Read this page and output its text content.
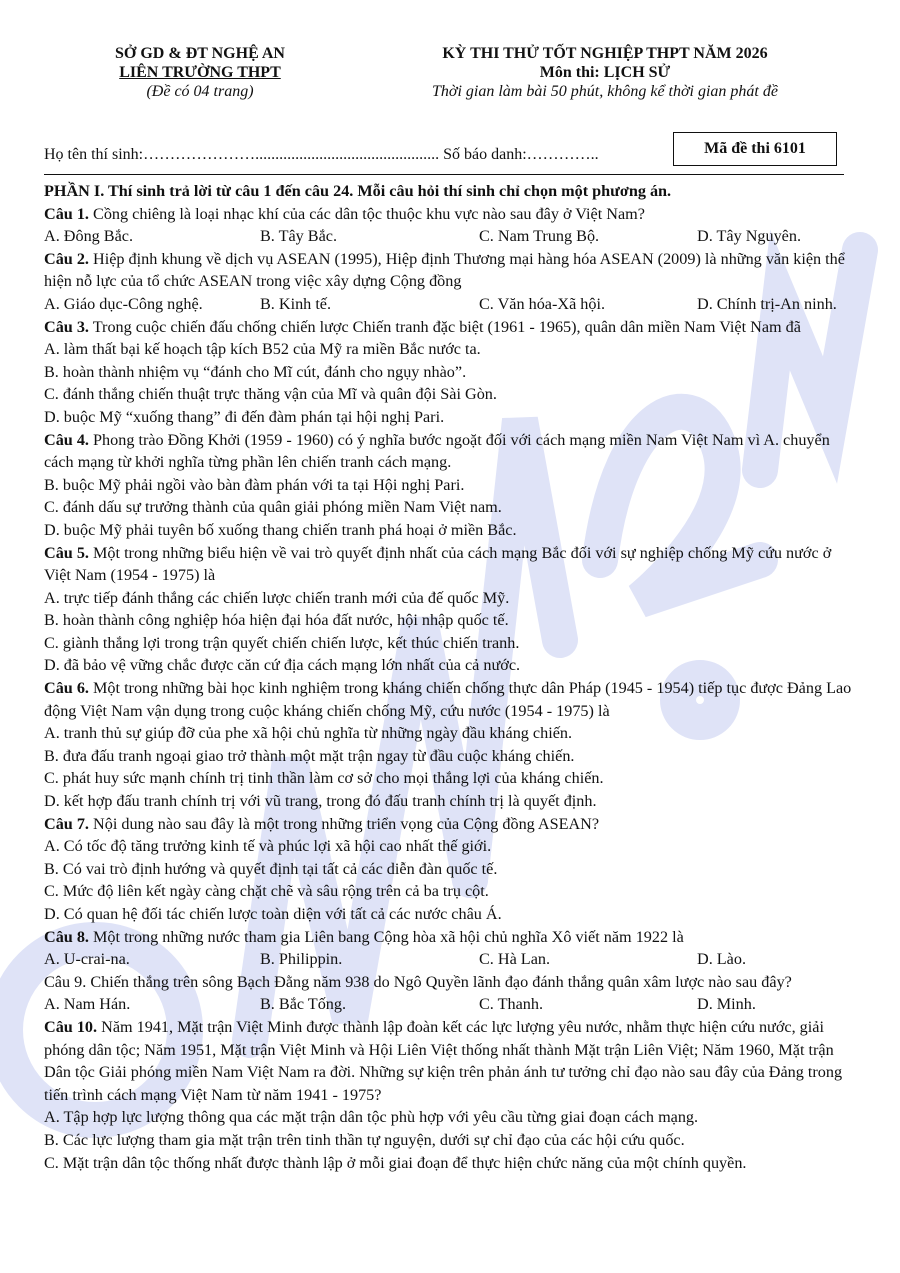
SỞ GD & ĐT NGHỆ AN
LIÊN TRƯỜNG THPT
(Đề có 04 trang)
KỲ THI THỬ TỐT NGHIỆP THPT NĂM 2026
Môn thi: LỊCH SỬ
Thời gian làm bài 50 phút, không kể thời gian phát đề
Họ tên thí sinh:………………….............................................. Số báo danh:…………..	Mã đề thi 6101

PHẦN I. Thí sinh trả lời từ câu 1 đến câu 24. Mỗi câu hỏi thí sinh chỉ chọn một phương án.

Câu 1. Cồng chiêng là loại nhạc khí của các dân tộc thuộc khu vực nào sau đây ở Việt Nam?

A. Đông Bắc.	B. Tây Bắc.	C. Nam Trung Bộ.	D. Tây Nguyên.

Câu 2. Hiệp định khung về dịch vụ ASEAN (1995), Hiệp định Thương mại hàng hóa ASEAN (2009) là những văn kiện thể hiện nỗ lực của tổ chức ASEAN trong việc xây dựng Cộng đồng

A. Giáo dục-Công nghệ.	B. Kinh tế.	C. Văn hóa-Xã hội.	D. Chính trị-An ninh.

Câu 3. Trong cuộc chiến đấu chống chiến lược Chiến tranh đặc biệt (1961 - 1965), quân dân miền Nam Việt Nam đã

A. làm thất bại kế hoạch tập kích B52 của Mỹ ra miền Bắc nước ta.

B. hoàn thành nhiệm vụ “đánh cho Mĩ cút, đánh cho ngụy nhào”.

C. đánh thắng chiến thuật trực thăng vận của Mĩ và quân đội Sài Gòn.

D. buộc Mỹ “xuống thang” đi đến đàm phán tại hội nghị Pari.

Câu 4. Phong trào Đồng Khởi (1959 - 1960) có ý nghĩa bước ngoặt đối với cách mạng miền Nam Việt Nam vì A. chuyển cách mạng từ khởi nghĩa từng phần lên chiến tranh cách mạng.

B. buộc Mỹ phải ngồi vào bàn đàm phán với ta tại Hội nghị Pari.

C. đánh dấu sự trưởng thành của quân giải phóng miền Nam Việt nam.

D. buộc Mỹ phải tuyên bố xuống thang chiến tranh phá hoại ở miền Bắc.

Câu 5. Một trong những biểu hiện về vai trò quyết định nhất của cách mạng Bắc đối với sự nghiệp chống Mỹ cứu nước ở Việt Nam (1954 - 1975) là

A. trực tiếp đánh thắng các chiến lược chiến tranh mới của đế quốc Mỹ.

B. hoàn thành công nghiệp hóa hiện đại hóa đất nước, hội nhập quốc tế.

C. giành thắng lợi trong trận quyết chiến chiến lược, kết thúc chiến tranh.

D. đã bảo vệ vững chắc được căn cứ địa cách mạng lớn nhất của cả nước.

Câu 6. Một trong những bài học kinh nghiệm trong kháng chiến chống thực dân Pháp (1945 - 1954) tiếp tục được Đảng Lao động Việt Nam vận dụng trong cuộc kháng chiến chống Mỹ, cứu nước (1954 - 1975) là

A. tranh thủ sự giúp đỡ của phe xã hội chủ nghĩa từ những ngày đầu kháng chiến.

B. đưa đấu tranh ngoại giao trở thành một mặt trận ngay từ đầu cuộc kháng chiến.

C. phát huy sức mạnh chính trị tinh thần làm cơ sở cho mọi thắng lợi của kháng chiến.

D. kết hợp đấu tranh chính trị với vũ trang, trong đó đấu tranh chính trị là quyết định.

Câu 7. Nội dung nào sau đây là một trong những triển vọng của Cộng đồng ASEAN?

A. Có tốc độ tăng trưởng kinh tế và phúc lợi xã hội cao nhất thế giới.

B. Có vai trò định hướng và quyết định tại tất cả các diễn đàn quốc tế.

C. Mức độ liên kết ngày càng chặt chẽ và sâu rộng trên cả ba trụ cột.

D. Có quan hệ đối tác chiến lược toàn diện với tất cả các nước châu Á.

Câu 8. Một trong những nước tham gia Liên bang Cộng hòa xã hội chủ nghĩa Xô viết năm 1922 là

A. U-crai-na.	B. Philippin.	C. Hà Lan.	D. Lào.

Câu 9. Chiến thắng trên sông Bạch Đằng năm 938 do Ngô Quyền lãnh đạo đánh thắng quân xâm lược nào sau đây?

A. Nam Hán.	B. Bắc Tống.	C. Thanh.	D. Minh.

Câu 10. Năm 1941, Mặt trận Việt Minh được thành lập đoàn kết các lực lượng yêu nước, nhằm thực hiện cứu nước, giải phóng dân tộc; Năm 1951, Mặt trận Việt Minh và Hội Liên Việt thống nhất thành Mặt trận Liên Việt; Năm 1960, Mặt trận Dân tộc Giải phóng miền Nam Việt Nam ra đời. Những sự kiện trên phản ánh tư tưởng chỉ đạo nào sau đây của Đảng trong tiến trình cách mạng Việt Nam từ năm 1941 - 1975?

A. Tập hợp lực lượng thông qua các mặt trận dân tộc phù hợp với yêu cầu từng giai đoạn cách mạng.

B. Các lực lượng tham gia mặt trận trên tinh thần tự nguyện, dưới sự chỉ đạo của các hội cứu quốc.

C. Mặt trận dân tộc thống nhất được thành lập ở mỗi giai đoạn để thực hiện chức năng của một chính quyền.
